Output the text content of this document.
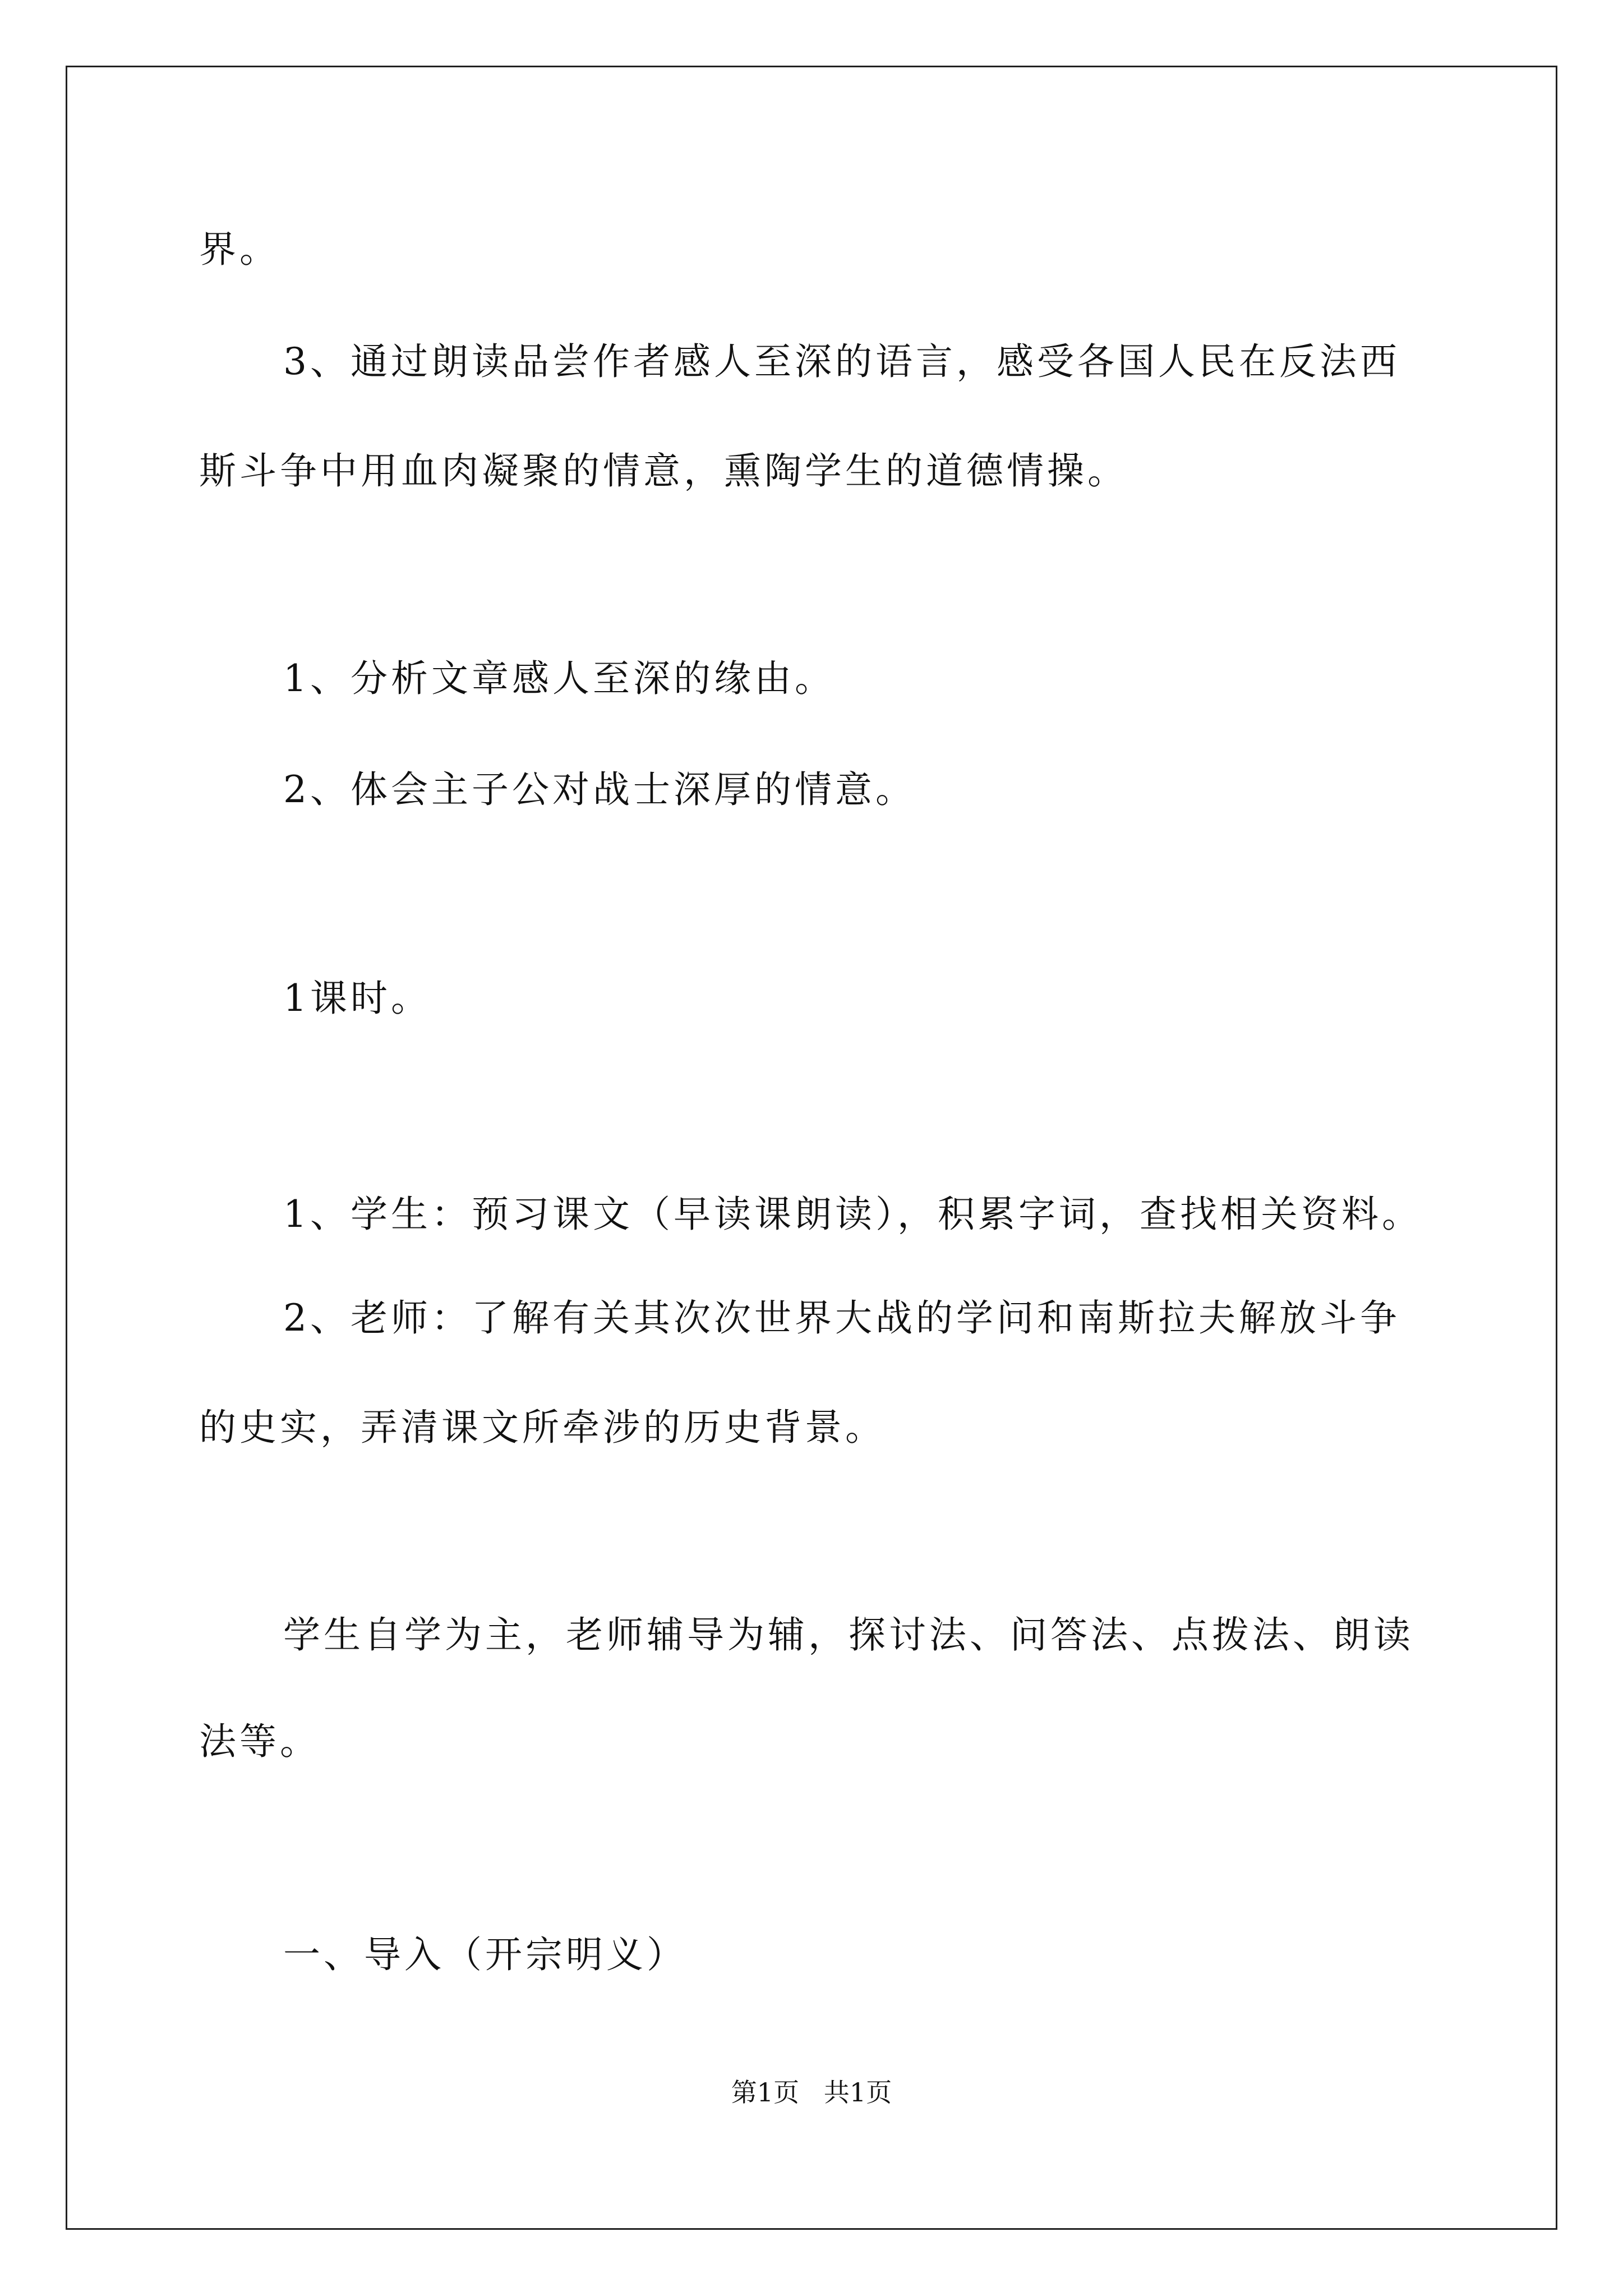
界。
3、通过朗读品尝作者感人至深的语言，感受各国人民在反法西
斯斗争中用血肉凝聚的情意，熏陶学生的道德情操。
1、分析文章感人至深的缘由。
2、体会主子公对战士深厚的情意。
1课时。
1、学生：预习课文（早读课朗读），积累字词，查找相关资料。
2、老师：了解有关其次次世界大战的学问和南斯拉夫解放斗争
的史实，弄清课文所牵涉的历史背景。
学生自学为主，老师辅导为辅，探讨法、问答法、点拨法、朗读
法等。
一、导入（开宗明义）
第1页   共1页
